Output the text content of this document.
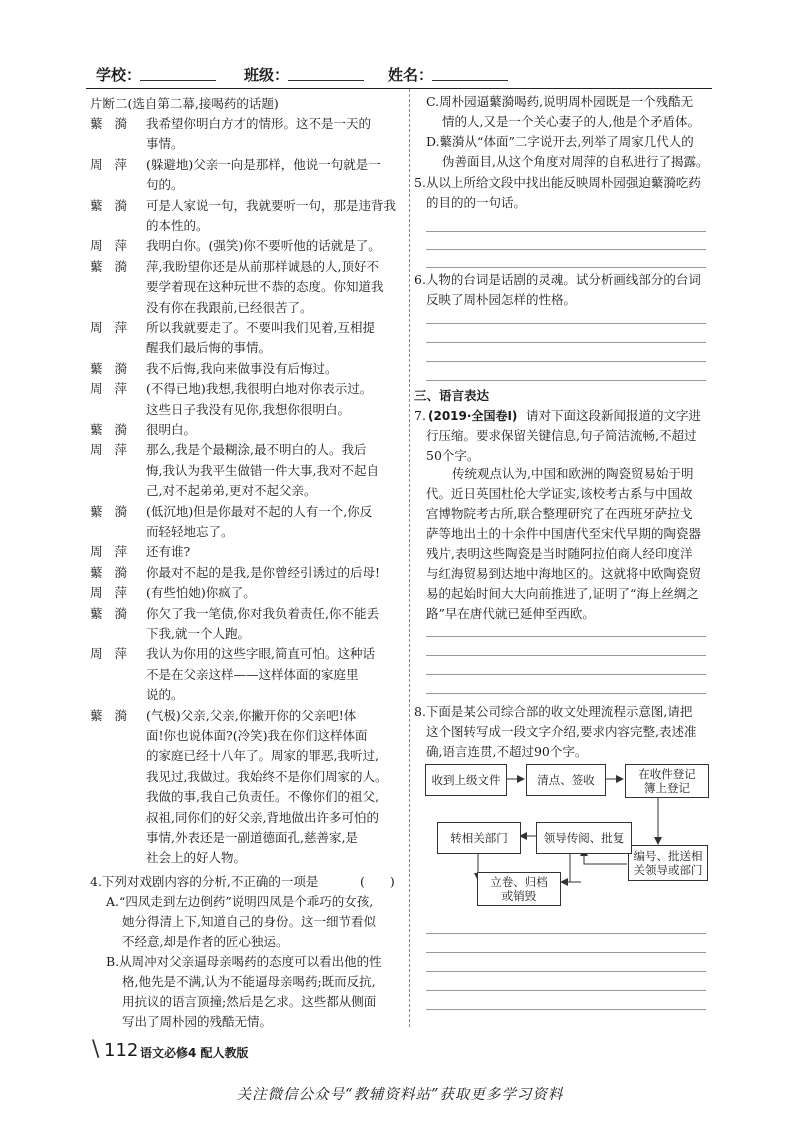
学校：	班级：	姓名：
片断二(选自第二幕,接喝药的话题)
蘩漪 我希望你明白方才的情形。这不是一天的
事情。
周萍 (躲避地)父亲一向是那样，他说一句就是一
句的。
蘩漪 可是人家说一句，我就要听一句，那是违背我
的本性的。
周萍 我明白你。(强笑)你不要听他的话就是了。
蘩漪 萍,我盼望你还是从前那样诚恳的人,顶好不
要学着现在这种玩世不恭的态度。你知道我
没有你在我跟前,已经很苦了。
周萍 所以我就要走了。不要叫我们见着,互相提
醒我们最后悔的事情。
蘩漪 我不后悔,我向来做事没有后悔过。
周萍 (不得已地)我想,我很明白地对你表示过。
这些日子我没有见你,我想你很明白。
蘩漪 很明白。
周萍 那么,我是个最糊涂,最不明白的人。我后
悔,我认为我平生做错一件大事,我对不起自
己,对不起弟弟,更对不起父亲。
蘩漪 (低沉地)但是你最对不起的人有一个,你反
而轻轻地忘了。
周萍 还有谁?
蘩漪 你最对不起的是我,是你曾经引诱过的后母!
周萍 (有些怕她)你疯了。
蘩漪 你欠了我一笔债,你对我负着责任,你不能丢
下我,就一个人跑。
周萍 我认为你用的这些字眼,简直可怕。这种话
不是在父亲这样——这样体面的家庭里
说的。
蘩漪 (气极)父亲,父亲,你撇开你的父亲吧!体
面!你也说体面?(冷笑)我在你们这样体面
的家庭已经十八年了。周家的罪恶,我听过,
我见过,我做过。我始终不是你们周家的人。
我做的事,我自己负责任。不像你们的祖父,
叔祖,同你们的好父亲,背地做出许多可怕的
事情,外表还是一副道德面孔,慈善家,是
社会上的好人物。
4.下列对戏剧内容的分析,不正确的一项是	(　　)
A.“四凤走到左边倒药”说明四凤是个乖巧的女孩,
她分得清上下,知道自己的身份。这一细节看似
不经意,却是作者的匠心独运。
B.从周冲对父亲逼母亲喝药的态度可以看出他的性
格,他先是不满,认为不能逼母亲喝药;既而反抗,
用抗议的语言顶撞;然后是乞求。这些都从侧面
写出了周朴园的残酷无情。
C.周朴园逼蘩漪喝药,说明周朴园既是一个残酷无
情的人,又是一个关心妻子的人,他是个矛盾体。
D.蘩漪从“体面”二字说开去,列举了周家几代人的
伪善面目,从这个角度对周萍的自私进行了揭露。
5.从以上所给文段中找出能反映周朴园强迫蘩漪吃药
的目的的一句话。
6.人物的台词是话剧的灵魂。试分析画线部分的台词
反映了周朴园怎样的性格。
三、语言表达
7. (2019·全国卷Ⅰ) 请对下面这段新闻报道的文字进
行压缩。要求保留关键信息,句子简洁流畅,不超过
50个字。
传统观点认为,中国和欧洲的陶瓷贸易始于明
代。近日英国杜伦大学证实,该校考古系与中国故
宫博物院考古所,联合整理研究了在西班牙萨拉戈
萨等地出土的十余件中国唐代至宋代早期的陶瓷器
残片,表明这些陶瓷是当时随阿拉伯商人经印度洋
与红海贸易到达地中海地区的。这就将中欧陶瓷贸
易的起始时间大大向前推进了,证明了“海上丝绸之
路”早在唐代就已延伸至西欧。
8.下面是某公司综合部的收文处理流程示意图,请把
这个图转写成一段文字介绍,要求内容完整,表述准
确,语言连贯,不超过90个字。
收到上级文件	清点、签收	在收件登记
簿上登记
编号、批送相
关领导或部门
领导传阅、批复
转相关部门
立卷、归档
或销毁
\ 112 语文必修4 配人教版
关注微信公众号“教辅资料站”获取更多学习资料
